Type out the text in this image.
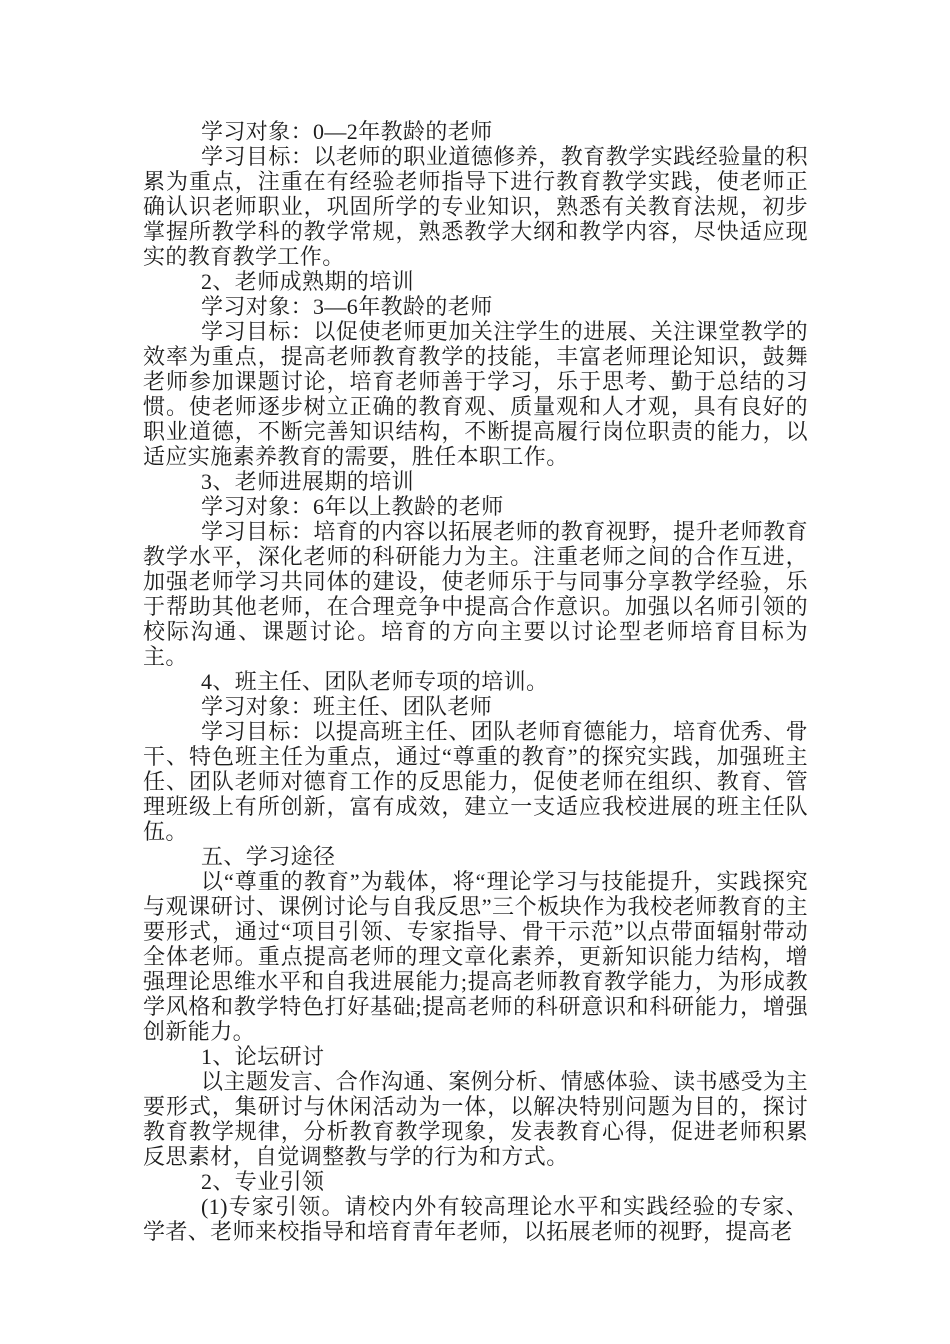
学习对象：0—2年教龄的老师

学习目标：以老师的职业道德修养，教育教学实践经验量的积累为重点，注重在有经验老师指导下进行教育教学实践，使老师正确认识老师职业，巩固所学的专业知识，熟悉有关教育法规，初步掌握所教学科的教学常规，熟悉教学大纲和教学内容，尽快适应现实的教育教学工作。

2、老师成熟期的培训

学习对象：3—6年教龄的老师

学习目标：以促使老师更加关注学生的进展、关注课堂教学的效率为重点，提高老师教育教学的技能，丰富老师理论知识，鼓舞老师参加课题讨论，培育老师善于学习，乐于思考、勤于总结的习惯。使老师逐步树立正确的教育观、质量观和人才观，具有良好的职业道德，不断完善知识结构，不断提高履行岗位职责的能力，以适应实施素养教育的需要，胜任本职工作。

3、老师进展期的培训

学习对象：6年以上教龄的老师

学习目标：培育的内容以拓展老师的教育视野，提升老师教育教学水平，深化老师的科研能力为主。注重老师之间的合作互进，加强老师学习共同体的建设，使老师乐于与同事分享教学经验，乐于帮助其他老师，在合理竞争中提高合作意识。加强以名师引领的校际沟通、课题讨论。培育的方向主要以讨论型老师培育目标为主。

4、班主任、团队老师专项的培训。

学习对象：班主任、团队老师

学习目标：以提高班主任、团队老师育德能力，培育优秀、骨干、特色班主任为重点，通过“尊重的教育”的探究实践，加强班主任、团队老师对德育工作的反思能力，促使老师在组织、教育、管理班级上有所创新，富有成效，建立一支适应我校进展的班主任队伍。

五、学习途径

以“尊重的教育”为载体，将“理论学习与技能提升，实践探究与观课研讨、课例讨论与自我反思”三个板块作为我校老师教育的主要形式，通过“项目引领、专家指导、骨干示范”以点带面辐射带动全体老师。重点提高老师的理文章化素养，更新知识能力结构，增强理论思维水平和自我进展能力;提高老师教育教学能力，为形成教学风格和教学特色打好基础;提高老师的科研意识和科研能力，增强创新能力。

1、论坛研讨

以主题发言、合作沟通、案例分析、情感体验、读书感受为主要形式，集研讨与休闲活动为一体，以解决特别问题为目的，探讨教育教学规律，分析教育教学现象，发表教育心得，促进老师积累反思素材，自觉调整教与学的行为和方式。

2、专业引领

(1)专家引领。请校内外有较高理论水平和实践经验的专家、学者、老师来校指导和培育青年老师，以拓展老师的视野，提高老
